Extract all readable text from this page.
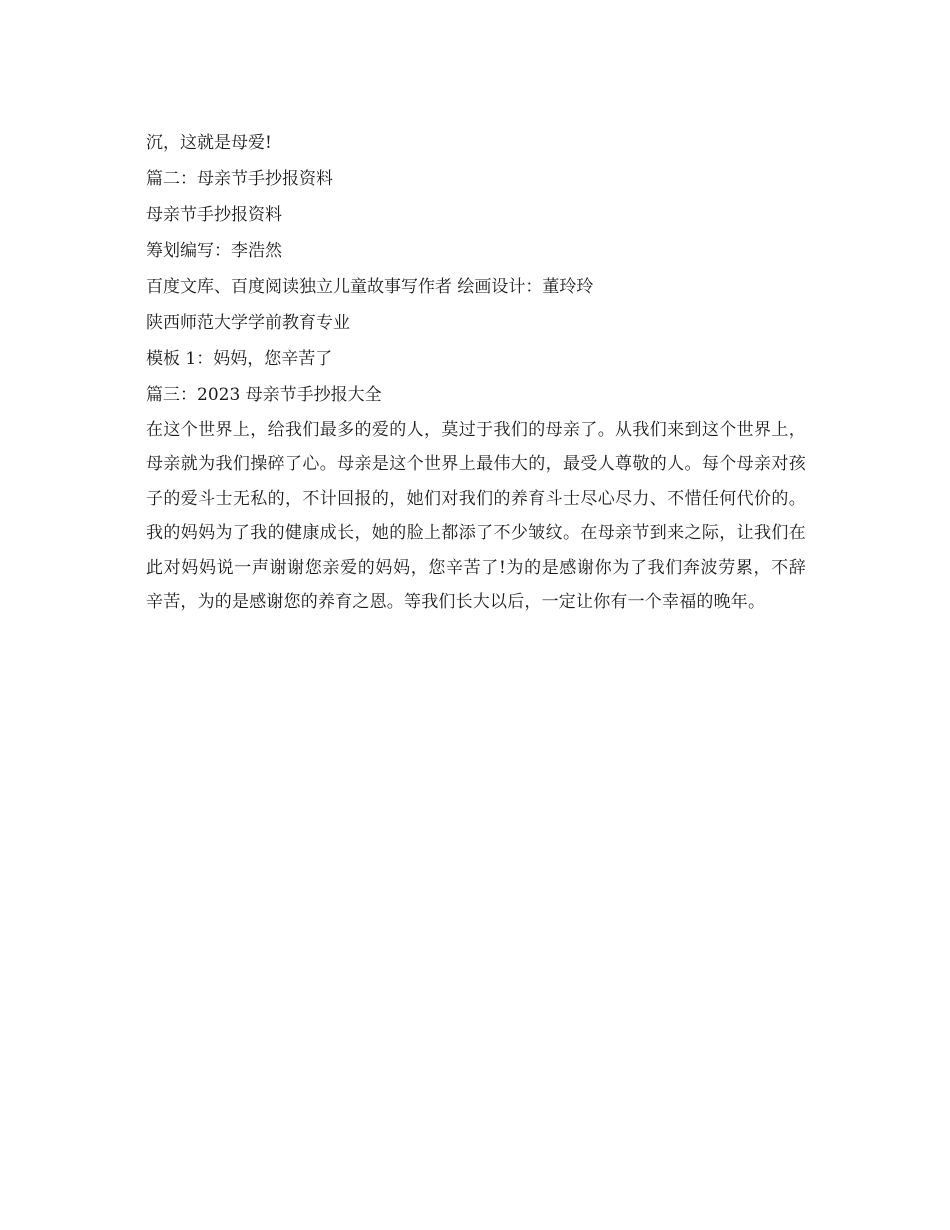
沉，这就是母爱!
篇二：母亲节手抄报资料
母亲节手抄报资料
筹划编写：李浩然
百度文库、百度阅读独立儿童故事写作者 绘画设计：董玲玲
陕西师范大学学前教育专业
模板 1：妈妈，您辛苦了
篇三：2023 母亲节手抄报大全

在这个世界上，给我们最多的爱的人，莫过于我们的母亲了。从我们来到这个世界上，母亲就为我们操碎了心。母亲是这个世界上最伟大的，最受人尊敬的人。每个母亲对孩子的爱斗士无私的，不计回报的，她们对我们的养育斗士尽心尽力、不惜任何代价的。我的妈妈为了我的健康成长，她的脸上都添了不少皱纹。在母亲节到来之际，让我们在此对妈妈说一声谢谢您亲爱的妈妈，您辛苦了!为的是感谢你为了我们奔波劳累，不辞辛苦，为的是感谢您的养育之恩。等我们长大以后，一定让你有一个幸福的晚年。
